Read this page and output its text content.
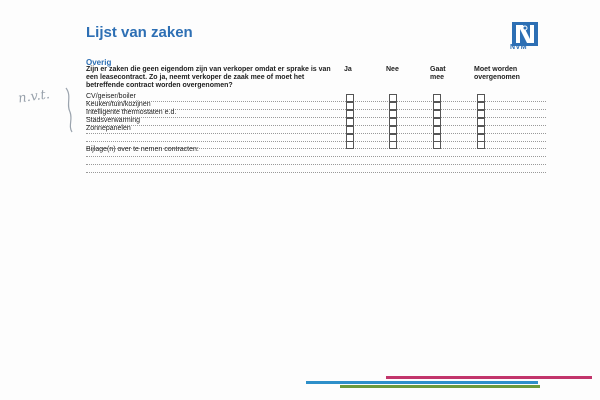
Lijst van zaken
NVM
Overig
Zijn er zaken die geen eigendom zijn van verkoper omdat er sprake is van een leasecontract. Zo ja, neemt verkoper de zaak mee of moet het betreffende contract worden overgenomen?
Ja	Nee	Gaat mee
Moet worden overgenomen
CV/geiser/boiler
Keuken/tuin/kozijnen
Intelligente thermostaten e.d.
Stadsverwarming
Zonnepanelen
Bijlage(n) over te nemen contracten:
n.v.t.
